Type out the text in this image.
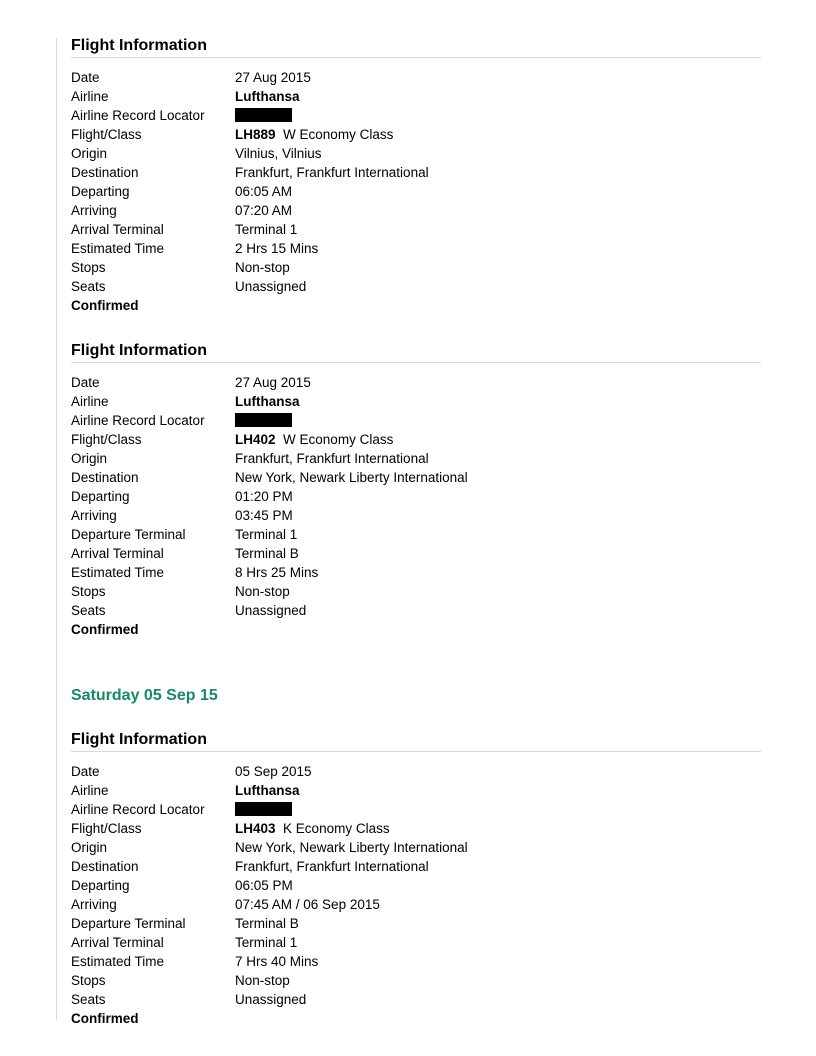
Flight Information
Date	27 Aug 2015
Airline	Lufthansa
Airline Record Locator
Flight/Class	LH889 W Economy Class
Origin	Vilnius, Vilnius
Destination	Frankfurt, Frankfurt International
Departing	06:05 AM
Arriving	07:20 AM
Arrival Terminal	Terminal 1
Estimated Time	2 Hrs 15 Mins
Stops	Non-stop
Seats	Unassigned
Confirmed
Flight Information
Date	27 Aug 2015
Airline	Lufthansa
Airline Record Locator
Flight/Class	LH402 W Economy Class
Origin	Frankfurt, Frankfurt International
Destination	New York, Newark Liberty International
Departing	01:20 PM
Arriving	03:45 PM
Departure Terminal	Terminal 1
Arrival Terminal	Terminal B
Estimated Time	8 Hrs 25 Mins
Stops	Non-stop
Seats	Unassigned
Confirmed
Saturday 05 Sep 15
Flight Information
Date	05 Sep 2015
Airline	Lufthansa
Airline Record Locator
Flight/Class	LH403 K Economy Class
Origin	New York, Newark Liberty International
Destination	Frankfurt, Frankfurt International
Departing	06:05 PM
Arriving	07:45 AM / 06 Sep 2015
Departure Terminal	Terminal B
Arrival Terminal	Terminal 1
Estimated Time	7 Hrs 40 Mins
Stops	Non-stop
Seats	Unassigned
Confirmed
